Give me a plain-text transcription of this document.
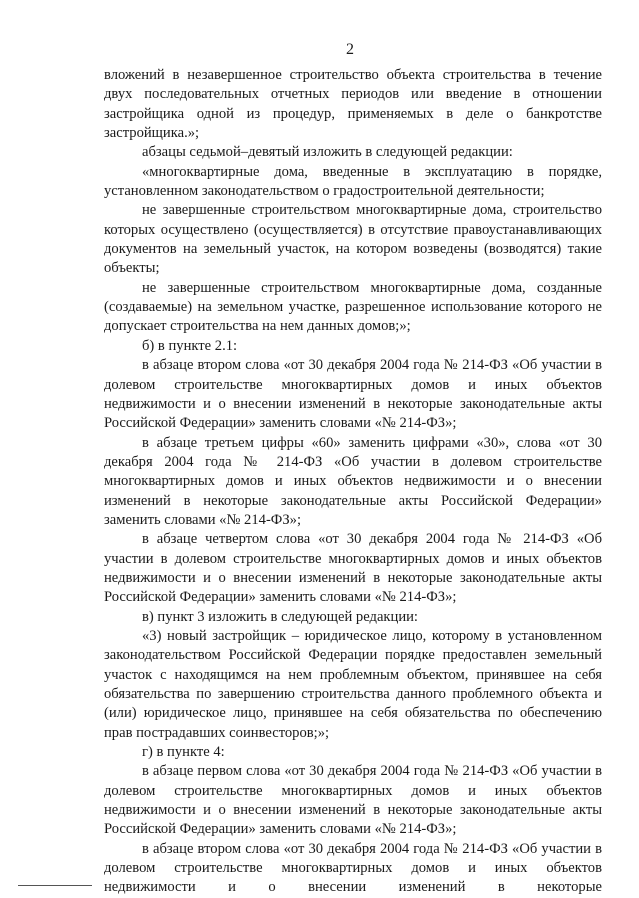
2

вложений в незавершенное строительство объекта строительства в течение двух последовательных отчетных периодов или введение в отношении застройщика одной из процедур, применяемых в деле о банкротстве застройщика.»;

абзацы седьмой–девятый изложить в следующей редакции:

«многоквартирные дома, введенные в эксплуатацию в порядке, установленном законодательством о градостроительной деятельности;

не завершенные строительством многоквартирные дома, строительство которых осуществлено (осуществляется) в отсутствие правоустанавливающих документов на земельный участок, на котором возведены (возводятся) такие объекты;

не завершенные строительством многоквартирные дома, созданные (создаваемые) на земельном участке, разрешенное использование которого не допускает строительства на нем данных домов;»;

б) в пункте 2.1:

в абзаце втором слова «от 30 декабря 2004 года № 214-ФЗ «Об участии в долевом строительстве многоквартирных домов и иных объектов недвижимости и о внесении изменений в некоторые законодательные акты Российской Федерации» заменить словами «№ 214-ФЗ»;

в абзаце третьем цифры «60» заменить цифрами «30», слова «от 30 декабря 2004 года № 214-ФЗ «Об участии в долевом строительстве многоквартирных домов и иных объектов недвижимости и о внесении изменений в некоторые законодательные акты Российской Федерации» заменить словами «№ 214-ФЗ»;

в абзаце четвертом слова «от 30 декабря 2004 года № 214-ФЗ «Об участии в долевом строительстве многоквартирных домов и иных объектов недвижимости и о внесении изменений в некоторые законодательные акты Российской Федерации» заменить словами «№ 214-ФЗ»;

в) пункт 3 изложить в следующей редакции:

«3) новый застройщик – юридическое лицо, которому в установленном законодательством Российской Федерации порядке предоставлен земельный участок с находящимся на нем проблемным объектом, принявшее на себя обязательства по завершению строительства данного проблемного объекта и (или) юридическое лицо, принявшее на себя обязательства по обеспечению прав пострадавших соинвесторов;»;

г) в пункте 4:

в абзаце первом слова «от 30 декабря 2004 года № 214-ФЗ «Об участии в долевом строительстве многоквартирных домов и иных объектов недвижимости и о внесении изменений в некоторые законодательные акты Российской Федерации» заменить словами «№ 214-ФЗ»;

в абзаце втором слова «от 30 декабря 2004 года № 214-ФЗ «Об участии в долевом строительстве многоквартирных домов и иных объектов недвижимости и о внесении изменений в некоторые
